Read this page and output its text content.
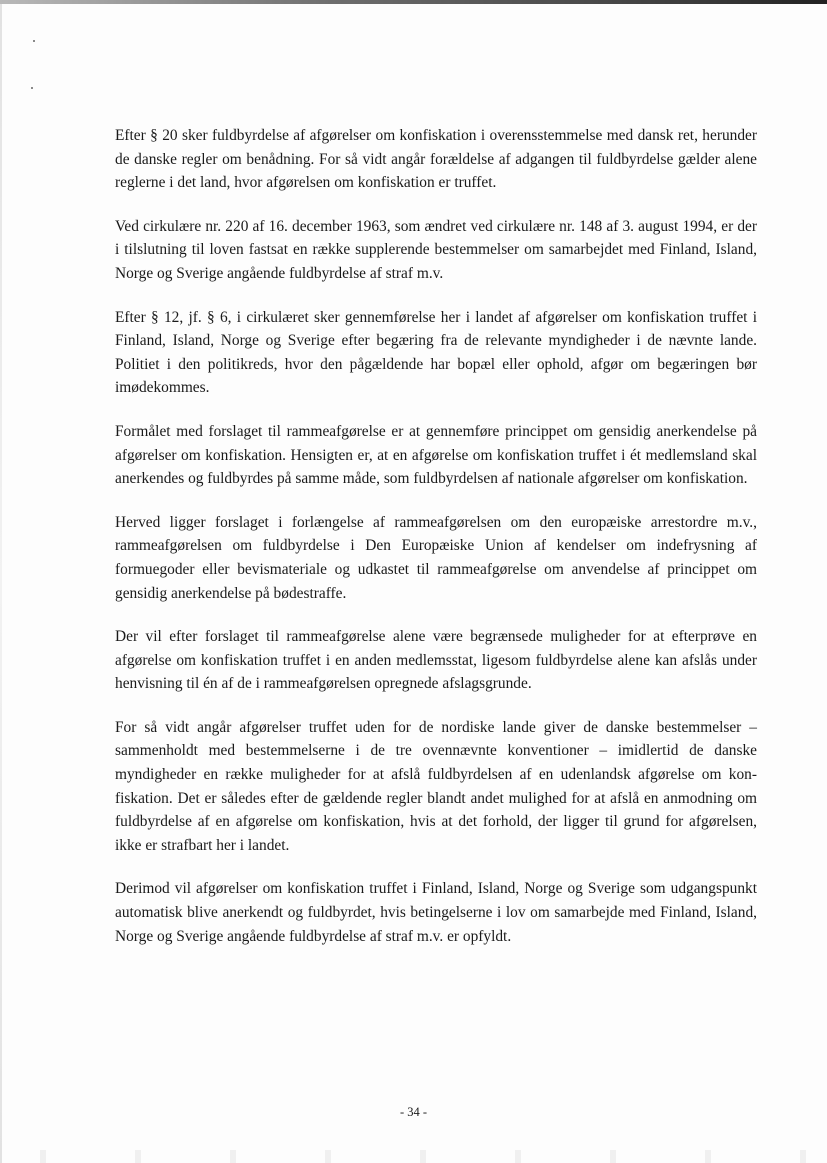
Efter § 20 sker fuldbyrdelse af afgørelser om konfiskation i overensstemmelse med dansk ret, herunder de danske regler om benådning. For så vidt angår forældelse af adgangen til fuldbyrdelse gælder alene reglerne i det land, hvor afgørelsen om konfiskation er truffet.

Ved cirkulære nr. 220 af 16. december 1963, som ændret ved cirkulære nr. 148 af 3. august 1994, er der i tilslutning til loven fastsat en række supplerende bestemmelser om samarbejdet med Finland, Island, Norge og Sverige angående fuldbyrdelse af straf m.v.

Efter § 12, jf. § 6, i cirkulæret sker gennemførelse her i landet af afgørelser om konfiskation truffet i Finland, Island, Norge og Sverige efter begæring fra de relevante myndigheder i de nævnte lande. Politiet i den politikreds, hvor den pågældende har bopæl eller ophold, afgør om begæringen bør imødekommes.

Formålet med forslaget til rammeafgørelse er at gennemføre princippet om gensidig anerkendelse på afgørelser om konfiskation. Hensigten er, at en afgørelse om konfiskation truffet i ét medlemsland skal anerkendes og fuldbyrdes på samme måde, som fuldbyrdelsen af nationale afgørelser om konfiskation.

Herved ligger forslaget i forlængelse af rammeafgørelsen om den europæiske arrestordre m.v., rammeafgørelsen om fuldbyrdelse i Den Europæiske Union af kendelser om indefrysning af formuegoder eller bevismateriale og udkastet til rammeafgørelse om anvendelse af princippet om gensidig anerkendelse på bødestraffe.

Der vil efter forslaget til rammeafgørelse alene være begrænsede muligheder for at efterprøve en afgørelse om konfiskation truffet i en anden medlemsstat, ligesom fuldbyrdelse alene kan afslås under henvisning til én af de i rammeafgørelsen opregnede afslagsgrunde.

For så vidt angår afgørelser truffet uden for de nordiske lande giver de danske bestemmelser – sammenholdt med bestemmelserne i de tre ovennævnte konventioner – imidlertid de danske myndigheder en række muligheder for at afslå fuldbyrdelsen af en udenlandsk afgørelse om konfiskation. Det er således efter de gældende regler blandt andet mulighed for at afslå en anmodning om fuldbyrdelse af en afgørelse om konfiskation, hvis at det forhold, der ligger til grund for afgørelsen, ikke er strafbart her i landet.

Derimod vil afgørelser om konfiskation truffet i Finland, Island, Norge og Sverige som udgangspunkt automatisk blive anerkendt og fuldbyrdet, hvis betingelserne i lov om samarbejde med Finland, Island, Norge og Sverige angående fuldbyrdelse af straf m.v. er opfyldt.

- 34 -
